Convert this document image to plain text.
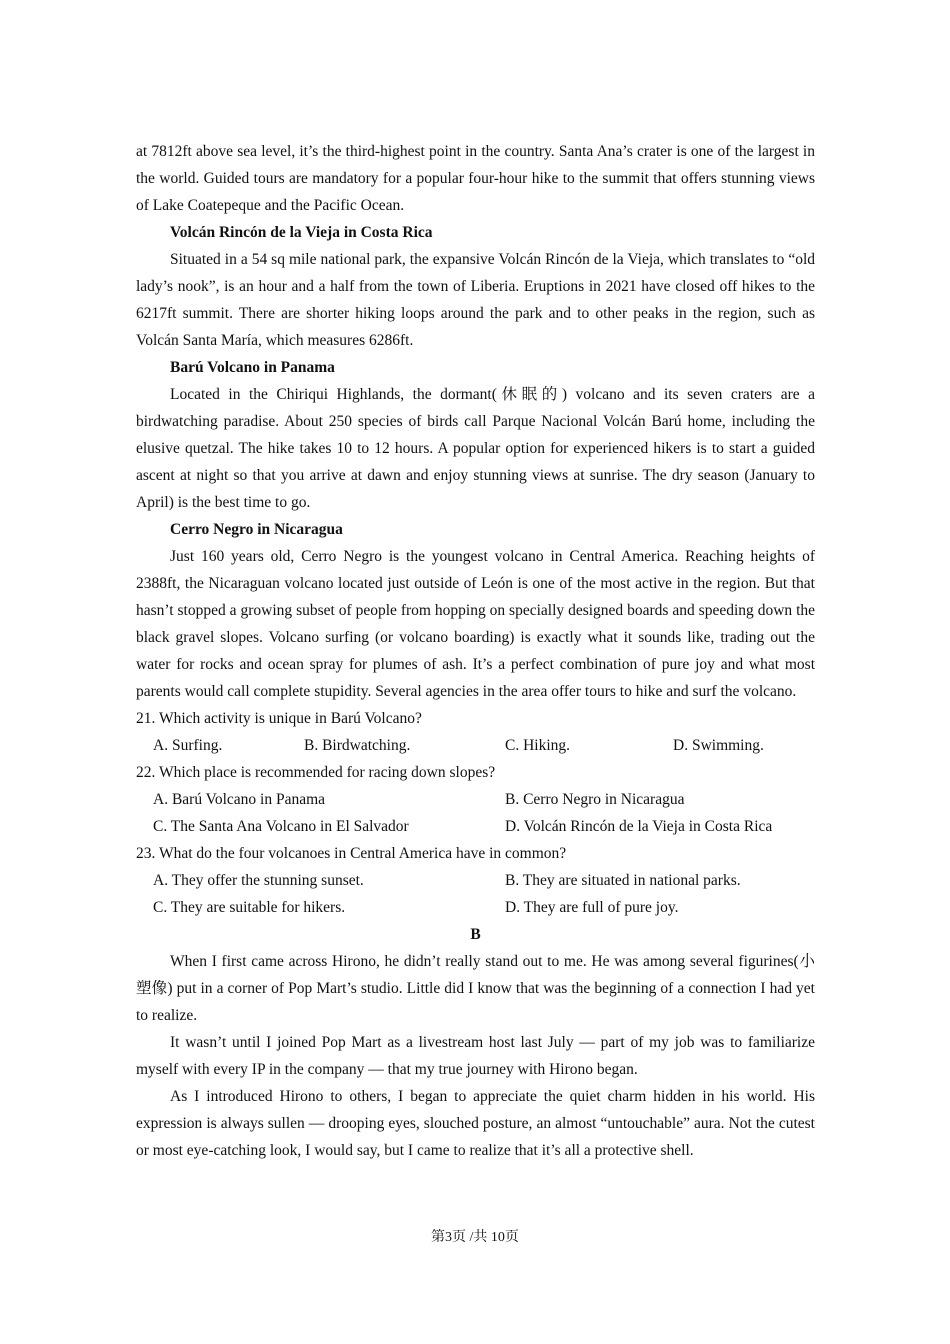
at 7812ft above sea level, it’s the third-highest point in the country. Santa Ana’s crater is one of the largest in the world. Guided tours are mandatory for a popular four-hour hike to the summit that offers stunning views of Lake Coatepeque and the Pacific Ocean.

Volcán Rincón de la Vieja in Costa Rica

Situated in a 54 sq mile national park, the expansive Volcán Rincón de la Vieja, which translates to “old lady’s nook”, is an hour and a half from the town of Liberia. Eruptions in 2021 have closed off hikes to the 6217ft summit. There are shorter hiking loops around the park and to other peaks in the region, such as Volcán Santa María, which measures 6286ft.

Barú Volcano in Panama

Located in the Chiriqui Highlands, the dormant(休眠的) volcano and its seven craters are a birdwatching paradise. About 250 species of birds call Parque Nacional Volcán Barú home, including the elusive quetzal. The hike takes 10 to 12 hours. A popular option for experienced hikers is to start a guided ascent at night so that you arrive at dawn and enjoy stunning views at sunrise. The dry season (January to April) is the best time to go.

Cerro Negro in Nicaragua

Just 160 years old, Cerro Negro is the youngest volcano in Central America. Reaching heights of 2388ft, the Nicaraguan volcano located just outside of León is one of the most active in the region. But that hasn’t stopped a growing subset of people from hopping on specially designed boards and speeding down the black gravel slopes. Volcano surfing (or volcano boarding) is exactly what it sounds like, trading out the water for rocks and ocean spray for plumes of ash. It’s a perfect combination of pure joy and what most parents would call complete stupidity. Several agencies in the area offer tours to hike and surf the volcano.

21. Which activity is unique in Barú Volcano?

A. Surfing.	B. Birdwatching.	C. Hiking.	D. Swimming.

22. Which place is recommended for racing down slopes?

A. Barú Volcano in Panama	B. Cerro Negro in Nicaragua
C. The Santa Ana Volcano in El Salvador	D. Volcán Rincón de la Vieja in Costa Rica

23. What do the four volcanoes in Central America have in common?

A. They offer the stunning sunset.	B. They are situated in national parks.
C. They are suitable for hikers.	D. They are full of pure joy.

B

When I first came across Hirono, he didn’t really stand out to me. He was among several figurines(小塑像) put in a corner of Pop Mart’s studio. Little did I know that was the beginning of a connection I had yet to realize.

It wasn’t until I joined Pop Mart as a livestream host last July — part of my job was to familiarize myself with every IP in the company — that my true journey with Hirono began.

As I introduced Hirono to others, I began to appreciate the quiet charm hidden in his world. His expression is always sullen — drooping eyes, slouched posture, an almost “untouchable” aura. Not the cutest or most eye-catching look, I would say, but I came to realize that it’s all a protective shell.

第3页 /共 10页
